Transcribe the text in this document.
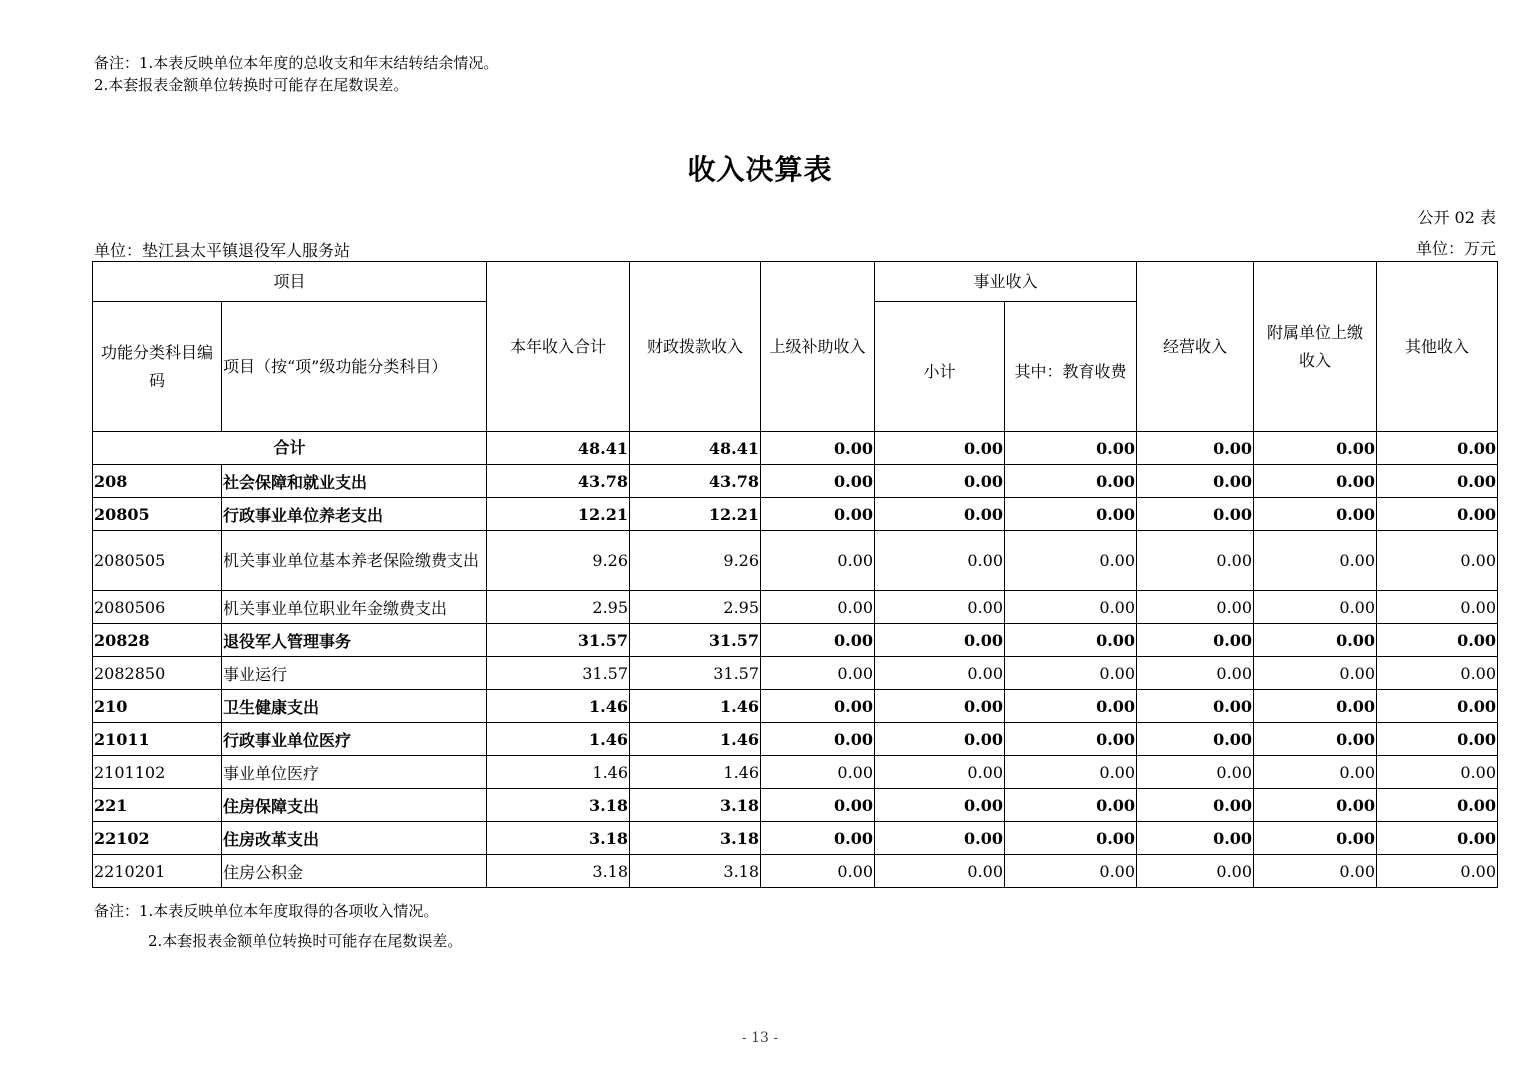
备注：1.本表反映单位本年度的总收支和年末结转结余情况。
2.本套报表金额单位转换时可能存在尾数误差。
收入决算表
公开 02 表
单位：垫江县太平镇退役军人服务站	单位：万元
项目		本年收入合计	财政拨款收入	上级补助收入	事业收入		经营收入	附属单位上缴收入	其他收入
功能分类科目编码	项目（按“项”级功能分类科目）				小计	其中：教育收费			
合计		48.41	48.41	0.00	0.00	0.00	0.00	0.00	0.00
208	社会保障和就业支出	43.78	43.78	0.00	0.00	0.00	0.00	0.00	0.00
20805	行政事业单位养老支出	12.21	12.21	0.00	0.00	0.00	0.00	0.00	0.00
2080505	机关事业单位基本养老保险缴费支出	9.26	9.26	0.00	0.00	0.00	0.00	0.00	0.00
2080506	机关事业单位职业年金缴费支出	2.95	2.95	0.00	0.00	0.00	0.00	0.00	0.00
20828	退役军人管理事务	31.57	31.57	0.00	0.00	0.00	0.00	0.00	0.00
2082850	事业运行	31.57	31.57	0.00	0.00	0.00	0.00	0.00	0.00
210	卫生健康支出	1.46	1.46	0.00	0.00	0.00	0.00	0.00	0.00
21011	行政事业单位医疗	1.46	1.46	0.00	0.00	0.00	0.00	0.00	0.00
2101102	事业单位医疗	1.46	1.46	0.00	0.00	0.00	0.00	0.00	0.00
221	住房保障支出	3.18	3.18	0.00	0.00	0.00	0.00	0.00	0.00
22102	住房改革支出	3.18	3.18	0.00	0.00	0.00	0.00	0.00	0.00
2210201	住房公积金	3.18	3.18	0.00	0.00	0.00	0.00	0.00	0.00
备注：1.本表反映单位本年度取得的各项收入情况。
2.本套报表金额单位转换时可能存在尾数误差。
- 13 -
